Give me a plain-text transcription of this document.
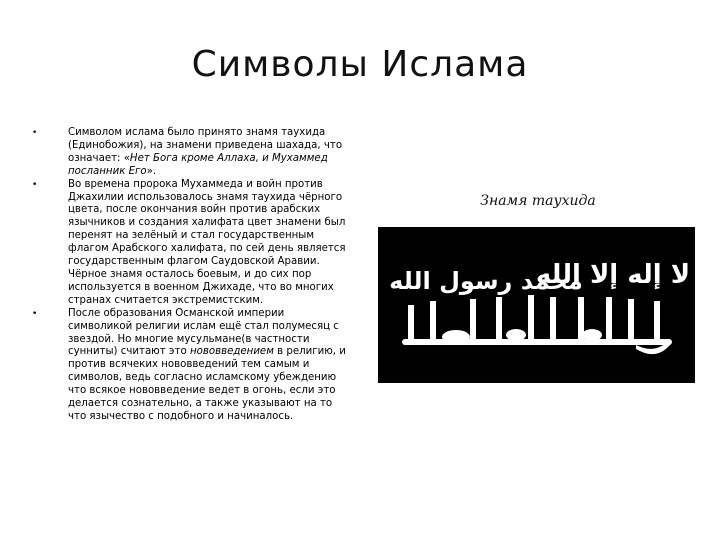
Символы Ислама
•	Символом ислама было принято знамя таухида (Единобожия), на знамени приведена шахада, что означает: «Нет Бога кроме Аллаха, и Мухаммед посланник Его».
•	Во времена пророка Мухаммеда и войн против Джахилии использовалось знамя таухида чёрного цвета, после окончания войн против арабских язычников и создания халифата цвет знамени был перенят на зелёный и стал государственным флагом Арабского халифата, по сей день является государственным флагом Саудовской Аравии. Чёрное знамя осталось боевым, и до сих пор используется в военном Джихаде, что во многих странах считается экстремистским.
•	После образования Османской империи символикой религии ислам ещё стал полумесяц с звездой. Но многие мусульмане(в частности сунниты) считают это нововведением в религию, и против всячеких нововведений тем самым и символов, ведь согласно исламскому убеждению что всякое нововведение ведет в огонь, если это делается сознательно, а также указывают на то что язычество с подобного и начиналось.
Знамя таухида
لا إله إلا الله
محمد رسول الله
